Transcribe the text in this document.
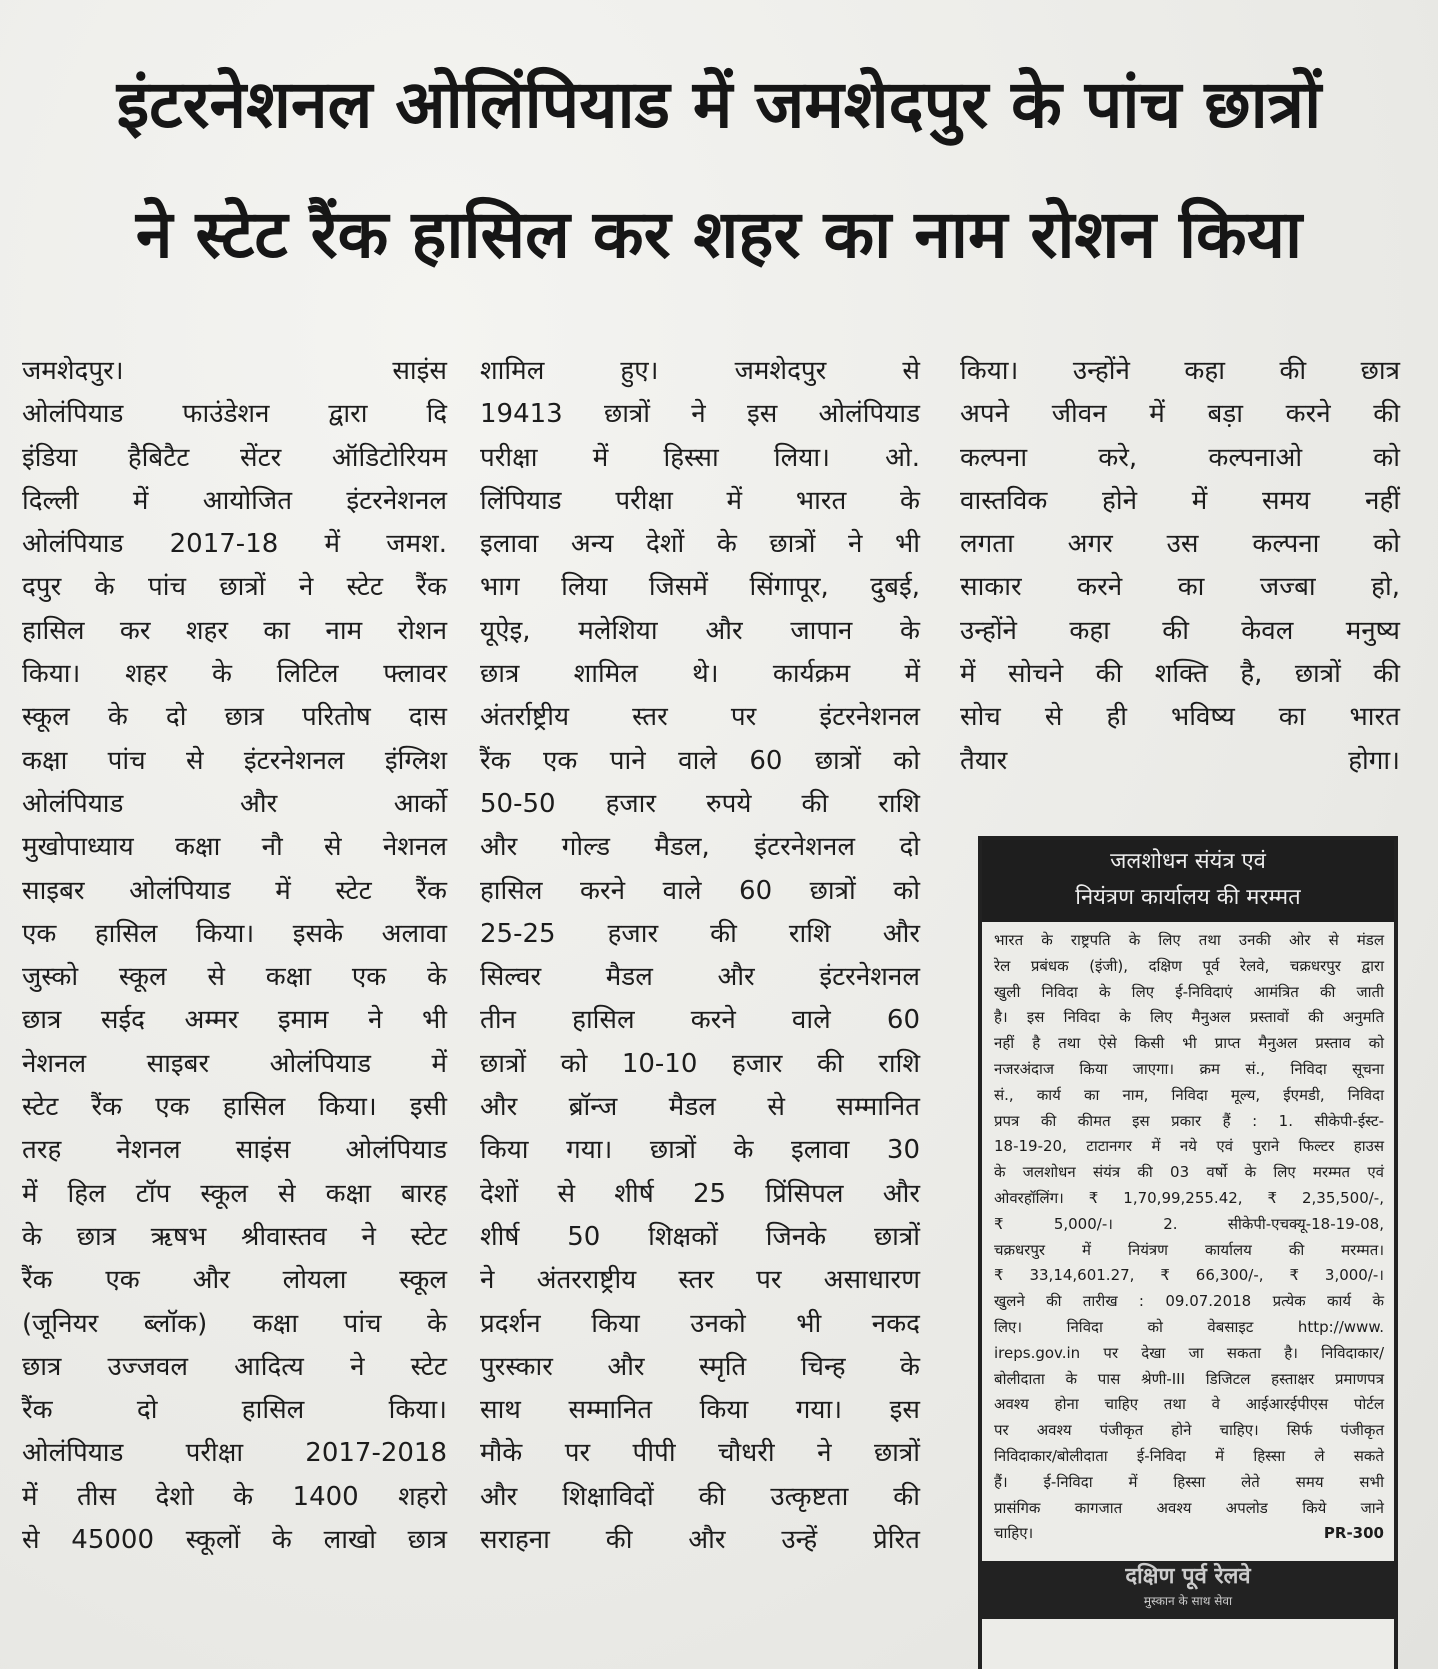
इंटरनेशनल ओलिंपियाड में जमशेदपुर के पांच छात्रों
ने स्टेट रैंक हासिल कर शहर का नाम रोशन किया
जमशेदपुर। साइंस
ओलंपियाड फाउंडेशन द्वारा दि
इंडिया हैबिटैट सेंटर ऑडिटोरियम
दिल्ली में आयोजित इंटरनेशनल
ओलंपियाड 2017-18 में जमश.
दपुर के पांच छात्रों ने स्टेट रैंक
हासिल कर शहर का नाम रोशन
किया। शहर के लिटिल फ्लावर
स्कूल के दो छात्र परितोष दास
कक्षा पांच से इंटरनेशनल इंग्लिश
ओलंपियाड और आर्को
मुखोपाध्याय कक्षा नौ से नेशनल
साइबर ओलंपियाड में स्टेट रैंक
एक हासिल किया। इसके अलावा
जुस्को स्कूल से कक्षा एक के
छात्र सईद अम्मर इमाम ने भी
नेशनल साइबर ओलंपियाड में
स्टेट रैंक एक हासिल किया। इसी
तरह नेशनल साइंस ओलंपियाड
में हिल टॉप स्कूल से कक्षा बारह
के छात्र ऋषभ श्रीवास्तव ने स्टेट
रैंक एक और लोयला स्कूल
(जूनियर ब्लॉक) कक्षा पांच के
छात्र उज्जवल आदित्य ने स्टेट
रैंक दो हासिल किया।
ओलंपियाड परीक्षा 2017-2018
में तीस देशो के 1400 शहरो
से 45000 स्कूलों के लाखो छात्र
शामिल हुए। जमशेदपुर से
19413 छात्रों ने इस ओलंपियाड
परीक्षा में हिस्सा लिया। ओ.
लिंपियाड परीक्षा में भारत के
इलावा अन्य देशों के छात्रों ने भी
भाग लिया जिसमें सिंगापूर, दुबई,
यूऐइ, मलेशिया और जापान के
छात्र शामिल थे। कार्यक्रम में
अंतर्राष्ट्रीय स्तर पर इंटरनेशनल
रैंक एक पाने वाले 60 छात्रों को
50-50 हजार रुपये की राशि
और गोल्ड मैडल, इंटरनेशनल दो
हासिल करने वाले 60 छात्रों को
25-25 हजार की राशि और
सिल्वर मैडल और इंटरनेशनल
तीन हासिल करने वाले 60
छात्रों को 10-10 हजार की राशि
और ब्रॉन्ज मैडल से सम्मानित
किया गया। छात्रों के इलावा 30
देशों से शीर्ष 25 प्रिंसिपल और
शीर्ष 50 शिक्षकों जिनके छात्रों
ने अंतरराष्ट्रीय स्तर पर असाधारण
प्रदर्शन किया उनको भी नकद
पुरस्कार और स्मृति चिन्ह के
साथ सम्मानित किया गया। इस
मौके पर पीपी चौधरी ने छात्रों
और शिक्षाविदों की उत्कृष्टता की
सराहना की और उन्हें प्रेरित
किया। उन्होंने कहा की छात्र
अपने जीवन में बड़ा करने की
कल्पना करे, कल्पनाओ को
वास्तविक होने में समय नहीं
लगता अगर उस कल्पना को
साकार करने का जज्बा हो,
उन्होंने कहा की केवल मनुष्य
में सोचने की शक्ति है, छात्रों की
सोच से ही भविष्य का भारत
तैयार होगा।
जलशोधन संयंत्र एवं
नियंत्रण कार्यालय की मरम्मत
भारत के राष्ट्रपति के लिए तथा उनकी ओर से मंडल
रेल प्रबंधक (इंजी), दक्षिण पूर्व रेलवे, चक्रधरपुर द्वारा
खुली निविदा के लिए ई-निविदाएं आमंत्रित की जाती
है। इस निविदा के लिए मैनुअल प्रस्तावों की अनुमति
नहीं है तथा ऐसे किसी भी प्राप्त मैनुअल प्रस्ताव को
नजरअंदाज किया जाएगा। क्रम सं., निविदा सूचना
सं., कार्य का नाम, निविदा मूल्य, ईएमडी, निविदा
प्रपत्र की कीमत इस प्रकार हैं : 1. सीकेपी-ईस्ट-
18-19-20, टाटानगर में नये एवं पुराने फिल्टर हाउस
के जलशोधन संयंत्र की 03 वर्षो के लिए मरम्मत एवं
ओवरहॉलिंग। ₹ 1,70,99,255.42, ₹ 2,35,500/-,
₹ 5,000/-। 2. सीकेपी-एचक्यू-18-19-08,
चक्रधरपुर में नियंत्रण कार्यालय की मरम्मत।
₹ 33,14,601.27, ₹ 66,300/-, ₹ 3,000/-।
खुलने की तारीख : 09.07.2018 प्रत्येक कार्य के
लिए। निविदा को वेबसाइट http://www.
ireps.gov.in पर देखा जा सकता है। निविदाकार/
बोलीदाता के पास श्रेणी-III डिजिटल हस्ताक्षर प्रमाणपत्र
अवश्य होना चाहिए तथा वे आईआरईपीएस पोर्टल
पर अवश्य पंजीकृत होने चाहिए। सिर्फ पंजीकृत
निविदाकार/बोलीदाता ई-निविदा में हिस्सा ले सकते
हैं। ई-निविदा में हिस्सा लेते समय सभी
प्रासंगिक कागजात अवश्य अपलोड किये जाने
चाहिए।	PR-300
दक्षिण पूर्व रेलवे
मुस्कान के साथ सेवा
